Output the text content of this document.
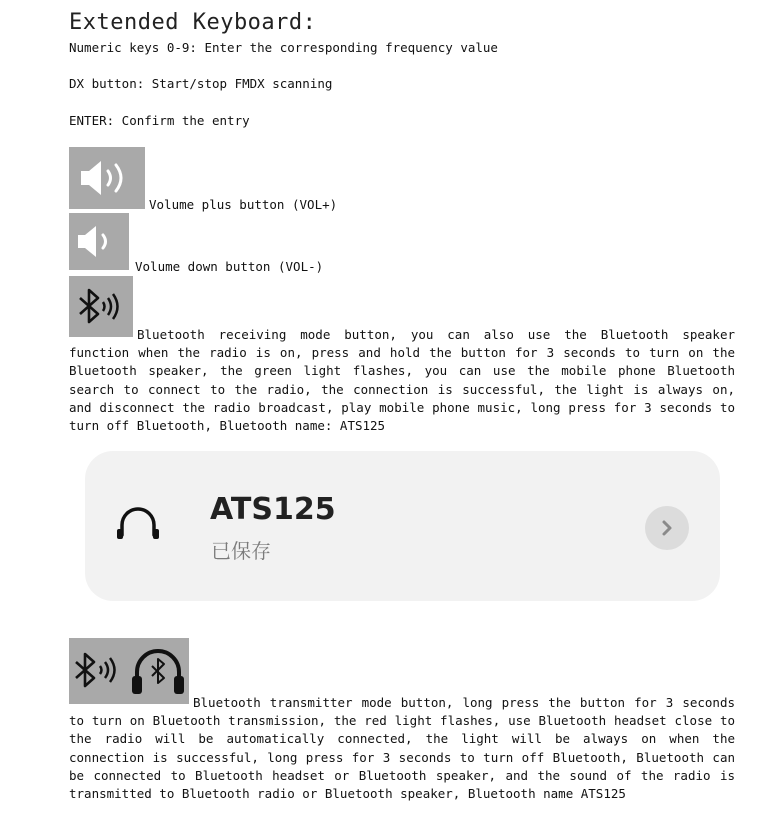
Extended Keyboard:
Numeric keys 0-9: Enter the corresponding frequency value
DX button: Start/stop FMDX scanning
ENTER: Confirm the entry
Volume plus button (VOL+)
Volume down button (VOL-)
Bluetooth receiving mode button, you can also use the Bluetooth speaker function when the radio is on, press and hold the button for 3 seconds to turn on the Bluetooth speaker, the green light flashes, you can use the mobile phone Bluetooth search to connect to the radio, the connection is successful, the light is always on, and disconnect the radio broadcast, play mobile phone music, long press for 3 seconds to turn off Bluetooth, Bluetooth name: ATS125
ATS125
已保存
Bluetooth transmitter mode button, long press the button for 3 seconds to turn on Bluetooth transmission, the red light flashes, use Bluetooth headset close to the radio will be automatically connected, the light will be always on when the connection is successful, long press for 3 seconds to turn off Bluetooth, Bluetooth can be connected to Bluetooth headset or Bluetooth speaker, and the sound of the radio is transmitted to Bluetooth radio or Bluetooth speaker, Bluetooth name ATS125
